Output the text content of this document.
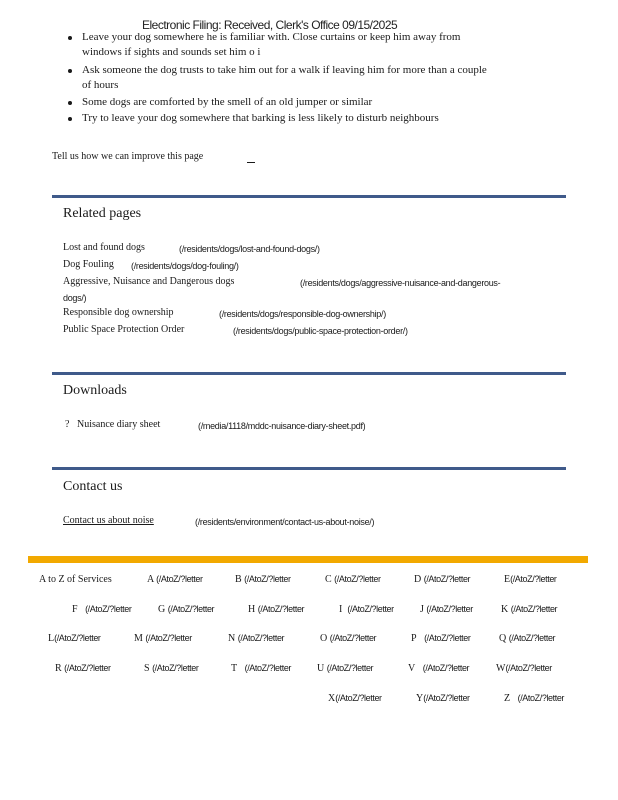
Electronic Filing: Received, Clerk's Office 09/15/2025
Leave your dog somewhere he is familiar with. Close curtains or keep him away from
windows if sights and sounds set him o i
Ask someone the dog trusts to take him out for a walk if leaving him for more than a couple
of hours
Some dogs are comforted by the smell of an old jumper or similar
Try to leave your dog somewhere that barking is less likely to disturb neighbours
Tell us how we can improve this page
Related pages
Lost and found dogs	(/residents/dogs/lost-and-found-dogs/)
Dog Fouling (/residents/dogs/dog-fouling/)
Aggressive, Nuisance and Dangerous dogs	(/residents/dogs/aggressive-nuisance-and-dangerous-
dogs/)
Responsible dog ownership	(/residents/dogs/responsible-dog-ownership/)
Public Space Protection Order	(/residents/dogs/public-space-protection-order/)
Downloads
? Nuisance diary sheet	(/media/1118/mddc-nuisance-diary-sheet.pdf)
Contact us
Contact us about noise	(/residents/environment/contact-us-about-noise/)
A to Z of Services	A (/AtoZ/?letter	B (/AtoZ/?letter	C (/AtoZ/?letter	D (/AtoZ/?letter	E(/AtoZ/?letter
F (/AtoZ/?letter	G (/AtoZ/?letter	H (/AtoZ/?letter	I (/AtoZ/?letter	J (/AtoZ/?letter	K (/AtoZ/?letter
L(/AtoZ/?letter	M (/AtoZ/?letter	N (/AtoZ/?letter	O (/AtoZ/?letter	P (/AtoZ/?letter	Q (/AtoZ/?letter
R (/AtoZ/?letter	S (/AtoZ/?letter	T (/AtoZ/?letter	U (/AtoZ/?letter	V (/AtoZ/?letter	W(/AtoZ/?letter
X(/AtoZ/?letter	Y(/AtoZ/?letter	Z (/AtoZ/?letter
